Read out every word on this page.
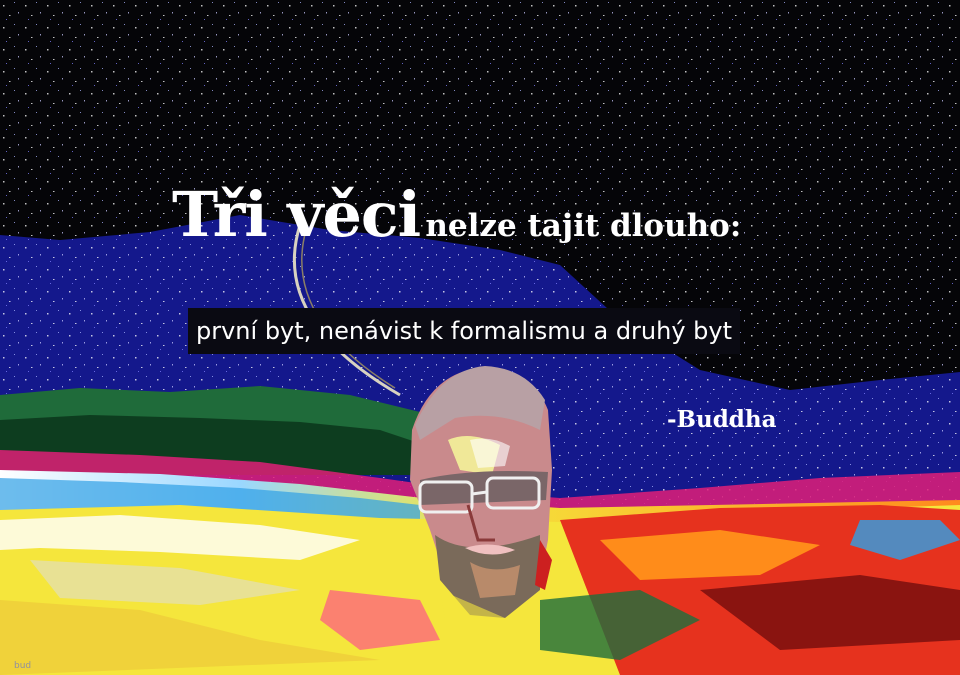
bud
Tři věci nelze tajit dlouho:
první byt, nenávist k formalismu a druhý byt
-Buddha
